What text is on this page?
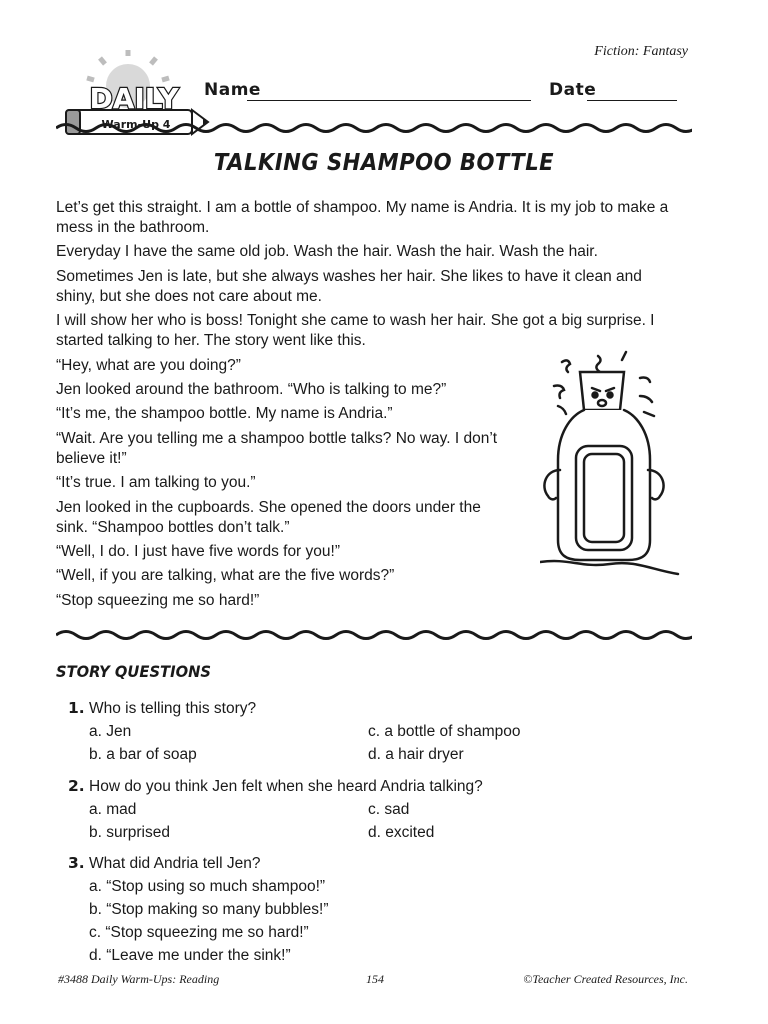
Fiction: Fantasy
DAILY
Warm-Up 4
Name	Date
TALKING SHAMPOO BOTTLE

Let’s get this straight. I am a bottle of shampoo. My name is Andria. It is my job to make a mess in the bathroom.

Everyday I have the same old job. Wash the hair. Wash the hair. Wash the hair.

Sometimes Jen is late, but she always washes her hair. She likes to have it clean and shiny, but she does not care about me.

I will show her who is boss! Tonight she came to wash her hair. She got a big surprise. I started talking to her. The story went like this.

“Hey, what are you doing?”

Jen looked around the bathroom. “Who is talking to me?”

“It’s me, the shampoo bottle. My name is Andria.”

“Wait. Are you telling me a shampoo bottle talks? No way. I don’t believe it!”

“It’s true. I am talking to you.”

Jen looked in the cupboards. She opened the doors under the sink. “Shampoo bottles don’t talk.”

“Well, I do. I just have five words for you!”

“Well, if you are talking, what are the five words?”

“Stop squeezing me so hard!”

STORY QUESTIONS
1. Who is telling this story?
a. Jen
b. a bar of soap
c. a bottle of shampoo
d. a hair dryer
2. How do you think Jen felt when she heard Andria talking?
a. mad
b. surprised
c. sad
d. excited
3. What did Andria tell Jen?
a. “Stop using so much shampoo!”
b. “Stop making so many bubbles!”
c. “Stop squeezing me so hard!”
d. “Leave me under the sink!”
#3488 Daily Warm-Ups: Reading	154	©Teacher Created Resources, Inc.
